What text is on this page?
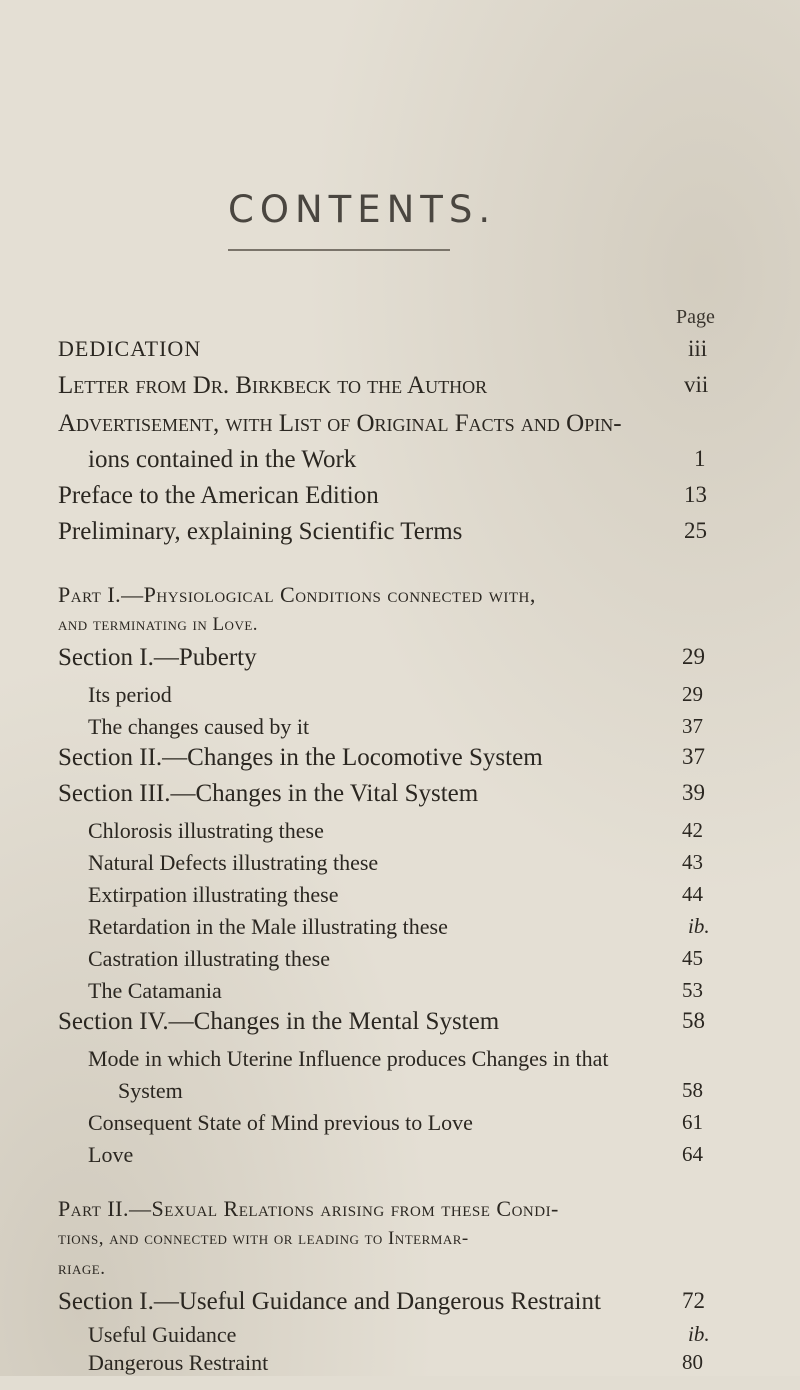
CONTENTS.
Page
DEDICATION	iii
Letter from Dr. Birkbeck to the Author	vii
Advertisement, with List of Original Facts and Opin-
ions contained in the Work	1
Preface to the American Edition	13
Preliminary, explaining Scientific Terms	25
Part I.—Physiological Conditions connected with,
and terminating in Love.
Section I.—Puberty	29
Its period	29
The changes caused by it	37
Section II.—Changes in the Locomotive System	37
Section III.—Changes in the Vital System	39
Chlorosis illustrating these	42
Natural Defects illustrating these	43
Extirpation illustrating these	44
Retardation in the Male illustrating these	ib.
Castration illustrating these	45
The Catamania	53
Section IV.—Changes in the Mental System	58
Mode in which Uterine Influence produces Changes in that
System	58
Consequent State of Mind previous to Love	61
Love	64
Part II.—Sexual Relations arising from these Condi-
tions, and connected with or leading to Intermar-
riage.
Section I.—Useful Guidance and Dangerous Restraint	72
Useful Guidance	ib.
Dangerous Restraint	80
